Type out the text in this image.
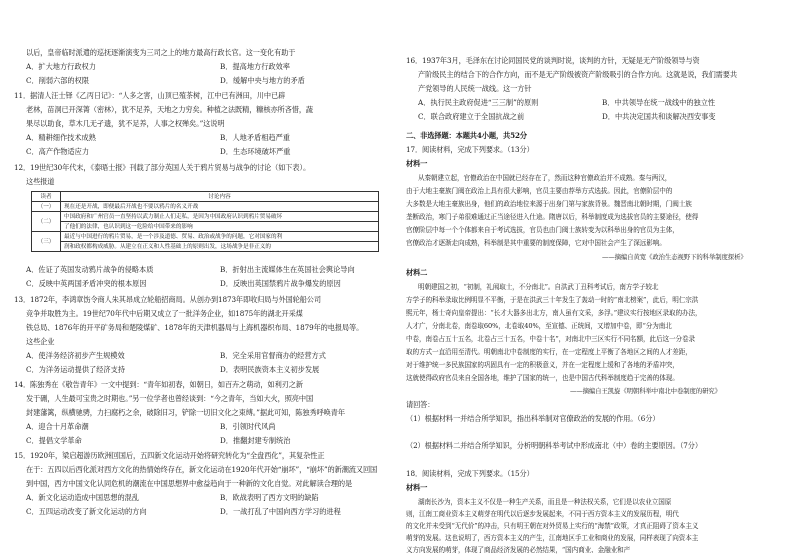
以后，皇帝临时派遣的巡抚逐渐演变为三司之上的地方最高行政长官。这一变化有助于
A．扩大地方行政权力	B．提高地方行政效率
C．削弱六部的权限	D．缓解中央与地方的矛盾
11．据清人汪士铎《乙丙日记》：“人多之害，山顶已殖茶树，江中已有洲田，川中已辟
老林，苗洞已开深箐（密林），犹不足养，天地之力穷矣。种植之法既精，糠核亦所吝惜，蔬
果尽以助食，草木几无孑遗，犹不足养，人事之权殚矣。”这说明
A．精耕细作技术成熟	B．人地矛盾相趋严重
C．高产作物适应力	D．生态环境破坏严重
12．19世纪30年代末，《泰晤士报》刊载了部分英国人关于鸦片贸易与战争的讨论（如下表）。
这些报道
读者	讨论内容
（一）	现在还是开战，即便最后开战也不要以鸦片的名义开战
（二）	中国政府和广州官员一直坚持以武力制止人们走私，是因为中国政府认识到鸦片贸易破坏
	了他们的法律，也认识到这一危险给中国带来的影响
（三）	最近与中国进行的鸦片贸易，是一个涉及道德、贸易、政治或战争的问题，它对国家的利
	润和政权都构成威胁。从建立在正义和人性基础上的原则出发，这场战争是非正义的
A．佐证了英国发动鸦片战争的侵略本质	B．折射出主流媒体生在英国社会舆论导向
C．反映中英两国矛盾冲突的根本原因	D．反映出英国禁鸦片战争爆发的原因
13．1872年，李鸿章饬令商人朱其昂成立轮船招商局。从创办到1873年即收归局与外国轮船公司
竞争并取胜为主。19世纪70年代中后期又成立了一批洋务企业，如1875年的湖北开采煤
铁总局、1876年的开平矿务局和楚陵煤矿、1878年的天津机器局与上海机器织布局、1879年的电报局等。
这些企业
A．使洋务经济初步产生规模效	B．完全采用官督商办的经营方式
C．为洋务运动提供了经济支持	D．表明民族资本主义初步发展
14．陈独秀在《敬告青年》一文中提到：“青年如初春，如朝日，如百卉之萌动，如利刃之新
发于硎，人生最可宝贵之时期也。”另一位学者也曾经谈到：“今之青年，当如大火，照亮中国
封建藩篱，纵横驰骋，力扫腐朽之余，破除旧习，铲除一切旧文化之束缚。”据此可知，陈独秀呼唤青年
A．迎合十月革命潮	B．引领时代风尚
C．提倡文学革命	D．推翻封建专制统治
15．1920年，梁启超游历欧洲回国后，五四新文化运动开始将研究转化为“全盘西化”，其复杂性正
在于：五四以后西化派对西方文化的热情始终存在，新文化运动在1920年代开始“崩坏”，“崩坏”的新潮流又回国
到中国，西方中国文化认同危机的潮流在中国思想界中愈益趋向于一种新的文化自觉。对此解读合理的是
A．新文化运动造成中国思想的混乱	B．欧战表明了西方文明的缺陷
C．五四运动改变了新文化运动的方向	D．一战打乱了中国向西方学习的进程
16．1937年3月，毛泽东在讨论同国民党的谈判时说，谈判的方针，无疑是无产阶级领导与资
产阶级民主的结合下的合作方向，而不是无产阶级被资产阶级吸引的合作方向。这就是说，我们需要共
产党领导的人民统一战线。这一方针
A．执行民主政府促进“三三制”的原则	B．中共领导在统一战线中的独立性
C．联合政府建立于全国抗战之前	D．中共决定国共和谈解决西安事变
二、非选择题：本题共4小题，共52分
17．阅读材料，完成下列要求。（13分）
材料一
从秦朝建立起，官僚政治在中国就已经存在了，然而这种官僚政治并不成熟。秦与两汉，
由于大地主豪族门阀在政治上具有很大影响，官员主要由荐举方式选拔。因此，官僚阶层中的
大多数是大地主豪族出身，他们的政治地位来源于出身门第与家族背景。魏晋南北朝时期，门阀士族
垄断政治，寒门子弟很难通过正当途径进入仕途。隋唐以后，科举制度成为选拔官员的主要途径，使得
官僚阶层中每一个个体都来自于考试选拔，官员也由门阀士族转变为以科举出身的官员为主体，
官僚政治才逐渐走向成熟，科举制是其中重要的制度保障，它对中国社会产生了深远影响。
——摘编自黄宽《政治生态视野下的科举制度探析》
材料二
明朝建国之初，“初制，礼闱取士，不分南北”。自洪武丁丑科考试后，南方学子较北
方学子的科举录取比例明显不平衡，于是在洪武三十年发生了轰动一时的“南北榜案”，此后，明仁宗洪
熙元年，杨士奇向皇帝提出：“长才大器多出北方，南人虽有文采，多浮。”建议实行按地区录取的办法，
人才广，分南北卷，南卷取60%，北卷取40%，至宣德、正统间，又增加中卷，即“分为南北
中卷，南卷占五十五名，北卷占三十五名，中卷十名”，对南北中三区实行不同名额，此后这一分卷录
取的方式一直沿用至清代。明朝南北中卷制度的实行，在一定程度上平衡了各地区之间的人才差距，
对于维护统一多民族国家的巩固具有一定的积极意义，并在一定程度上缓和了各地的矛盾冲突，
这就使得政府官员来自全国各地，维护了国家的统一，也是中国古代科举制度趋于完善的体现。
——摘编自王凯旋《明朝科举中南北中卷制度的研究》
请回答：
（1）根据材料一并结合所学知识，指出科举制对官僚政治的发展的作用。（6分）
（2）根据材料二并结合所学知识，分析明朝科举考试中形成南北（中）卷的主要原因。（7分）
18．阅读材料，完成下列要求。（15分）
材料一
湖南长沙为，资本主义不仅是一种生产关系，而且是一种法权关系，它们是以农业立国原
则，江南工商业资本主义萌芽在明代以后逐步发展起来，不同于西方资本主义的发展历程，明代
的文化并未受到“无代价”的冲击，只有明王朝在对外贸易上实行的“海禁”政策，才真正阻碍了资本主义
萌芽的发展。这也说明了，西方资本主义的产生，江南地区手工业和商业的发展，同样表现了向资本主
义方向发展的萌芽，体现了商品经济发展的必然结果，“国内商业、金融业和产
